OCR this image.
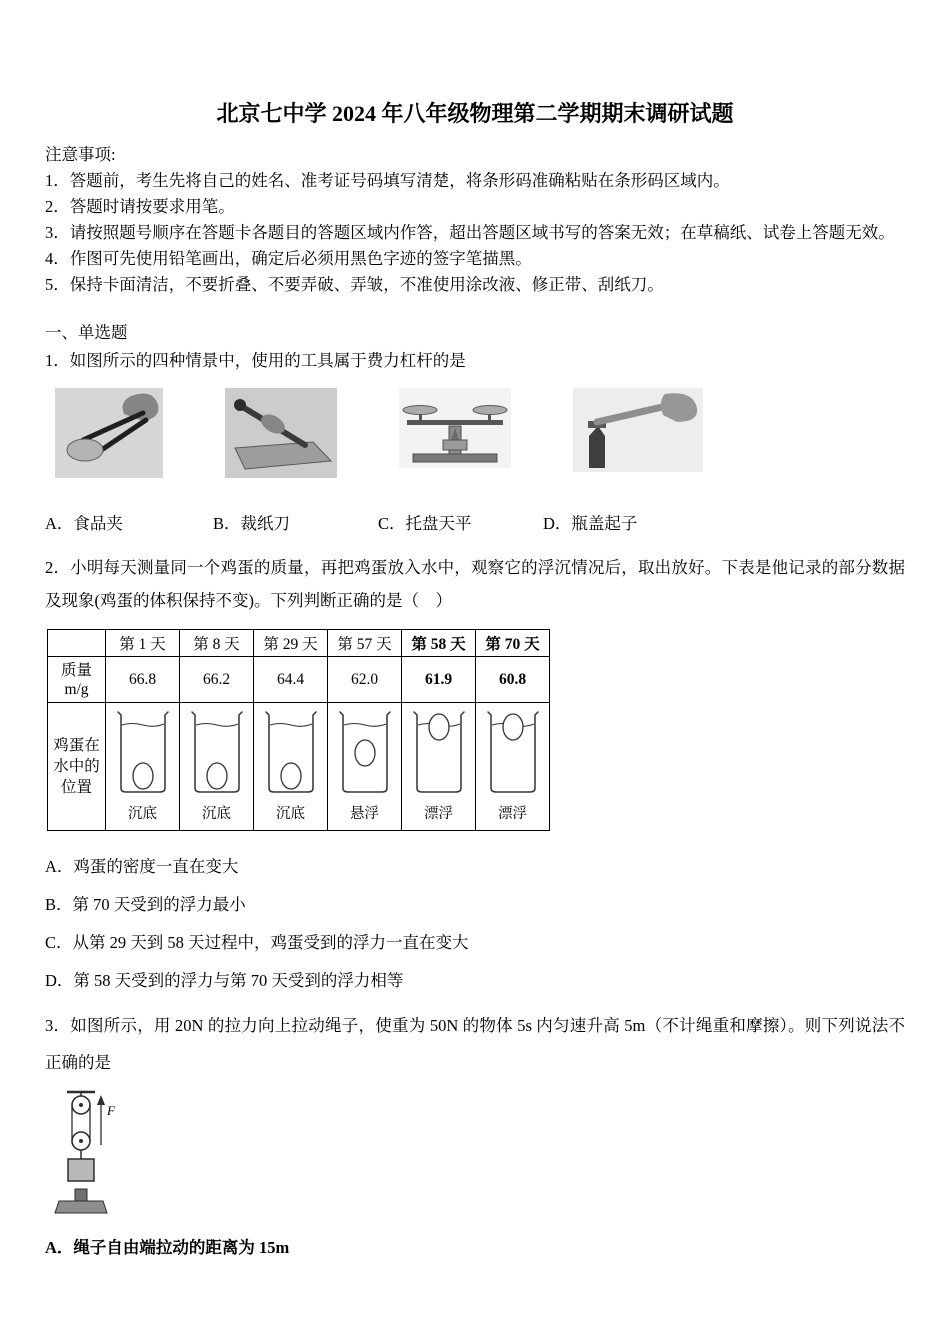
北京七中学 2024 年八年级物理第二学期期末调研试题
注意事项:
1．答题前，考生先将自己的姓名、准考证号码填写清楚，将条形码准确粘贴在条形码区域内。
2．答题时请按要求用笔。
3．请按照题号顺序在答题卡各题目的答题区域内作答，超出答题区域书写的答案无效；在草稿纸、试卷上答题无效。
4．作图可先使用铅笔画出，确定后必须用黑色字迹的签字笔描黑。
5．保持卡面清洁，不要折叠、不要弄破、弄皱，不准使用涂改液、修正带、刮纸刀。
一、单选题
1．如图所示的四种情景中，使用的工具属于费力杠杆的是
A．食品夹	B．裁纸刀	C．托盘天平	D．瓶盖起子
2．小明每天测量同一个鸡蛋的质量，再把鸡蛋放入水中，观察它的浮沉情况后，取出放好。下表是他记录的部分数据及现象(鸡蛋的体积保持不变)。下列判断正确的是（　）
	第 1 天	第 8 天	第 29 天	第 57 天	第 58 天	第 70 天
质量
m/g	66.8	66.2	64.4	62.0	61.9	60.8
鸡蛋在水中的位置	沉底	沉底	沉底	悬浮	漂浮	漂浮
A．鸡蛋的密度一直在变大
B．第 70 天受到的浮力最小
C．从第 29 天到 58 天过程中，鸡蛋受到的浮力一直在变大
D．第 58 天受到的浮力与第 70 天受到的浮力相等
3．如图所示，用 20N 的拉力向上拉动绳子，使重为 50N 的物体 5s 内匀速升高 5m（不计绳重和摩擦）。则下列说法不正确的是
F
A．绳子自由端拉动的距离为 15m
